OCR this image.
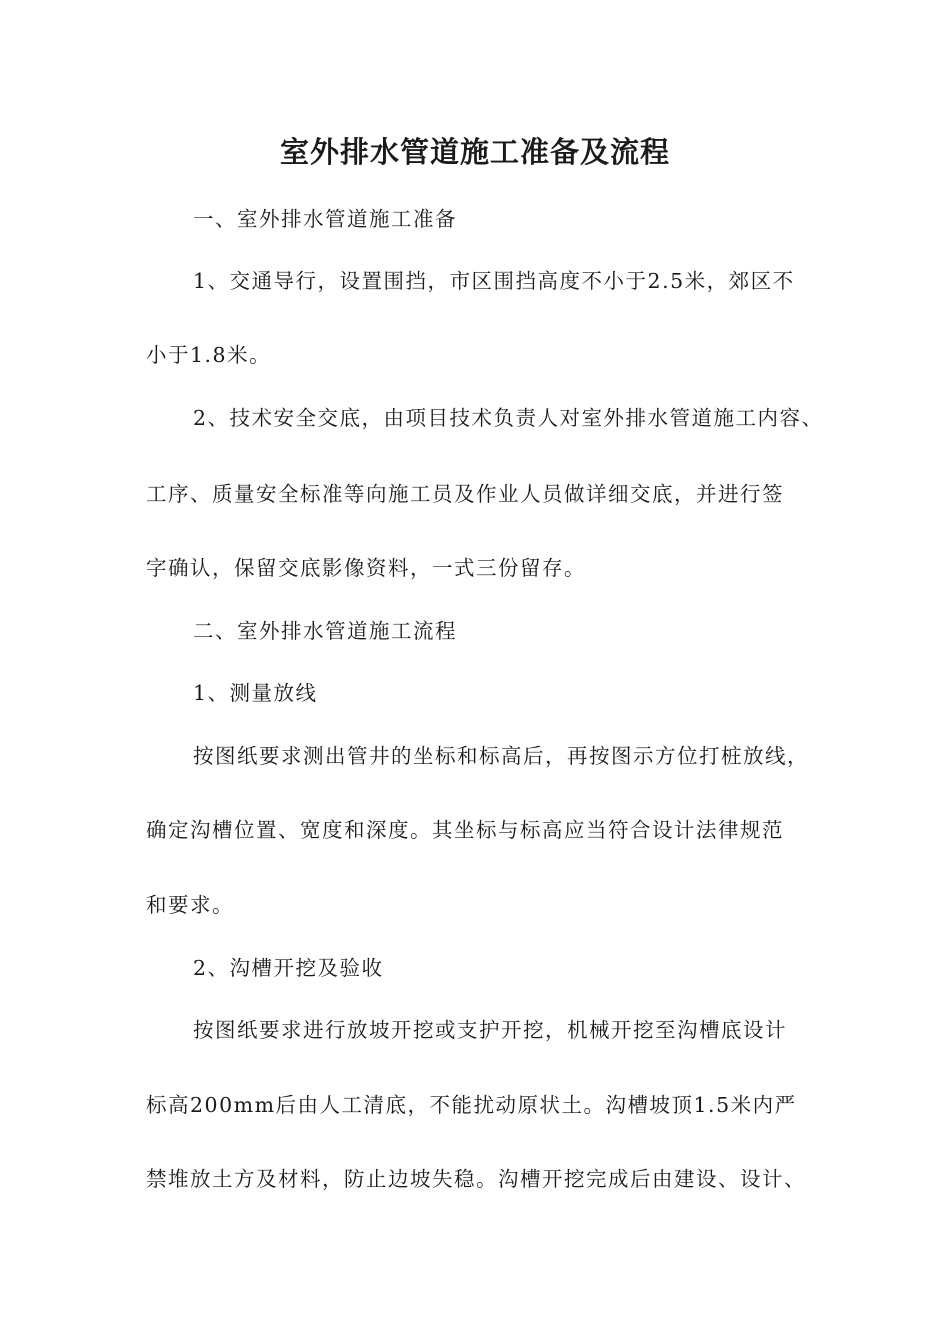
室外排水管道施工准备及流程
一、室外排水管道施工准备
1、交通导行，设置围挡，市区围挡高度不小于2.5米，郊区不
小于1.8米。
2、技术安全交底，由项目技术负责人对室外排水管道施工内容、
工序、质量安全标准等向施工员及作业人员做详细交底，并进行签
字确认，保留交底影像资料，一式三份留存。
二、室外排水管道施工流程
1、测量放线
按图纸要求测出管井的坐标和标高后，再按图示方位打桩放线，
确定沟槽位置、宽度和深度。其坐标与标高应当符合设计法律规范
和要求。
2、沟槽开挖及验收
按图纸要求进行放坡开挖或支护开挖，机械开挖至沟槽底设计
标高200mm后由人工清底，不能扰动原状土。沟槽坡顶1.5米内严
禁堆放土方及材料，防止边坡失稳。沟槽开挖完成后由建设、设计、
